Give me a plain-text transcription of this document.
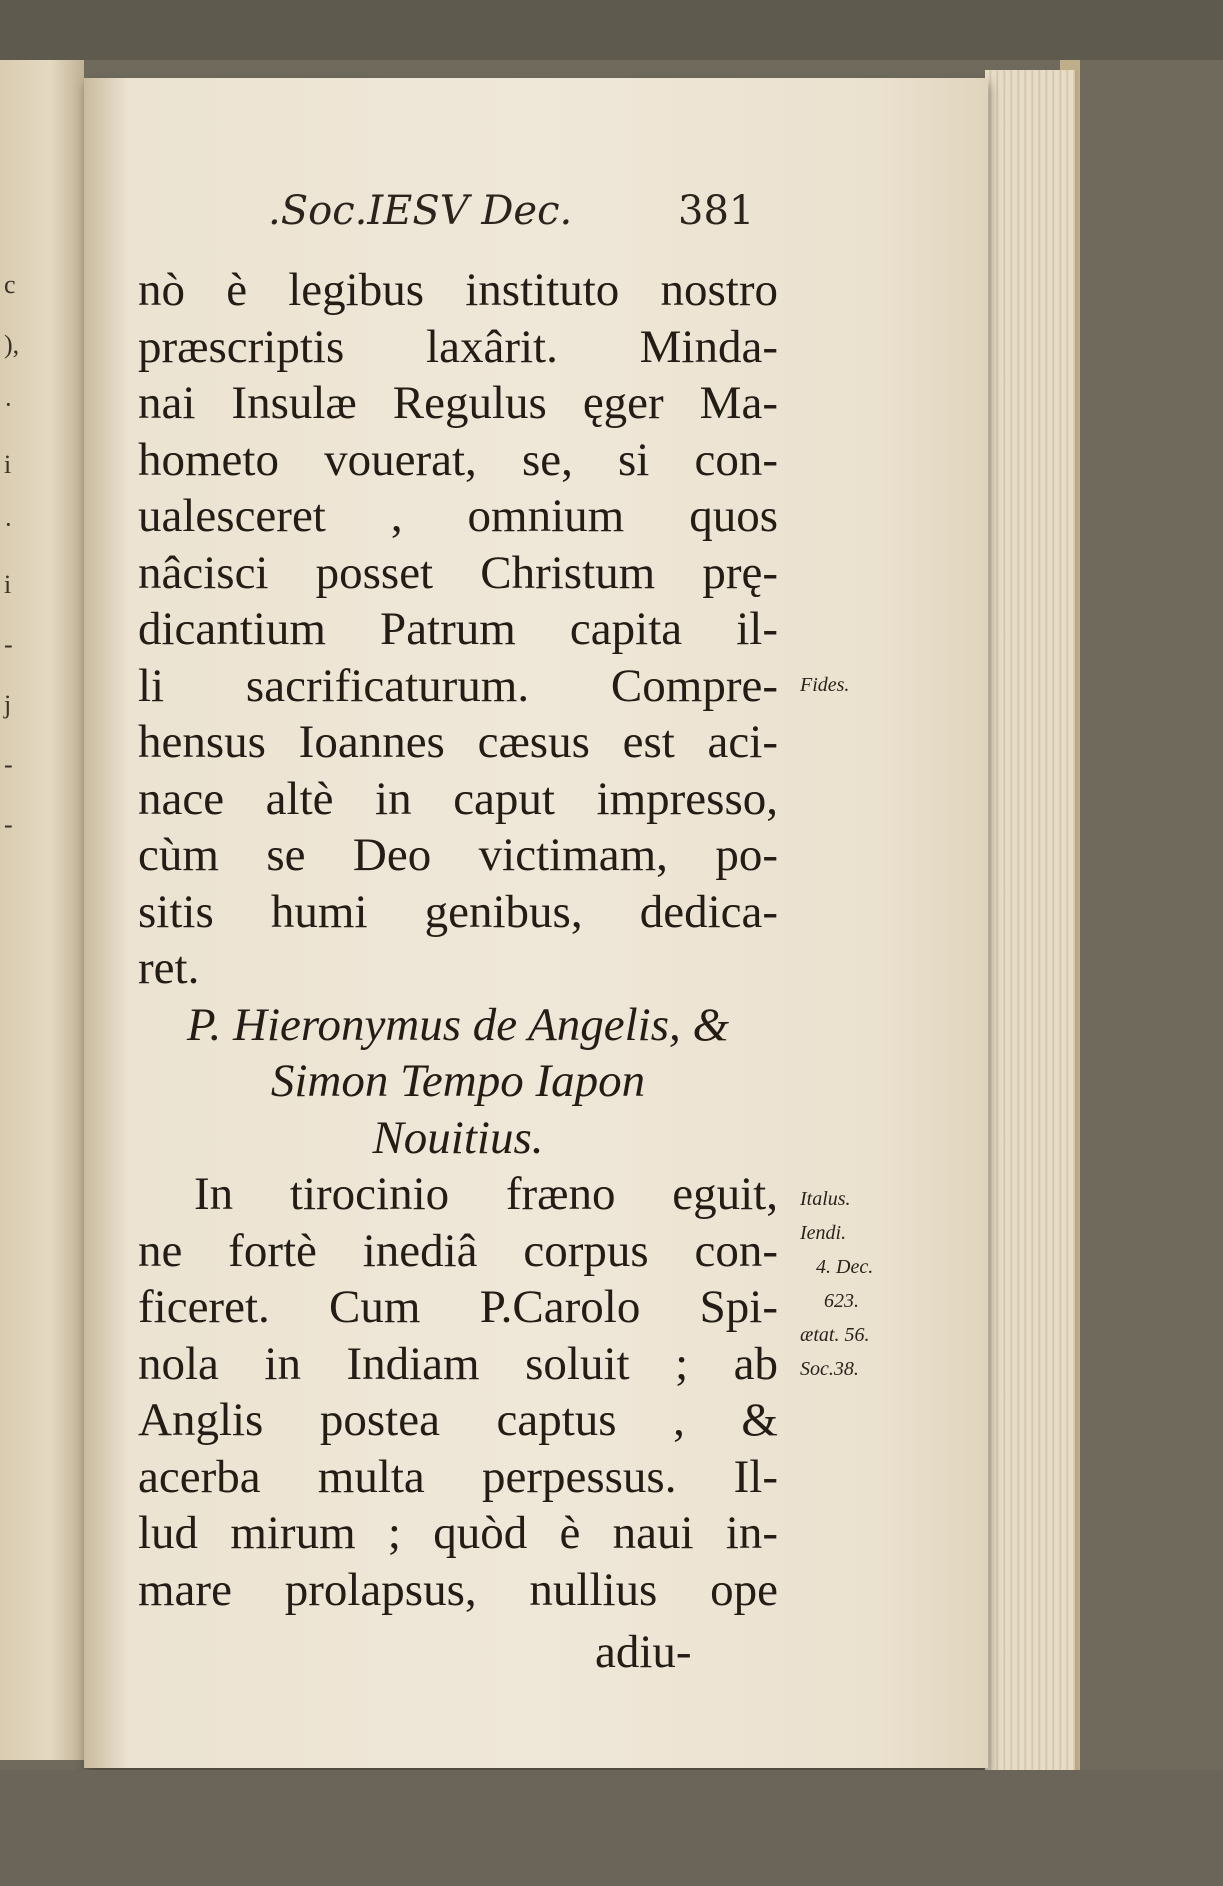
c
),
·
i
·
i
-
j
-
-
.Soc.IESV Dec.	381
nò è legibus instituto nostro
præscriptis laxârit. Minda-
nai Insulæ Regulus ęger Ma-
hometo vouerat, se, si con-
ualesceret , omnium quos
nâcisci posset Christum prę-
dicantium Patrum capita il-
li sacrificaturum. Compre-
hensus Ioannes cæsus est aci-
nace altè in caput impresso,
cùm se Deo victimam, po-
sitis humi genibus, dedica-
ret.
P. Hieronymus de Angelis, &
Simon Tempo Iapon
Nouitius.
In tirocinio fræno eguit,
ne fortè inediâ corpus con-
ficeret. Cum P.Carolo Spi-
nola in Indiam soluit ; ab
Anglis postea captus , &
acerba multa perpessus. Il-
lud mirum ; quòd è naui in-
mare prolapsus, nullius ope
adiu-
Fides.
Italus.
Iendi.
4. Dec.
623.
ætat. 56.
Soc.38.
